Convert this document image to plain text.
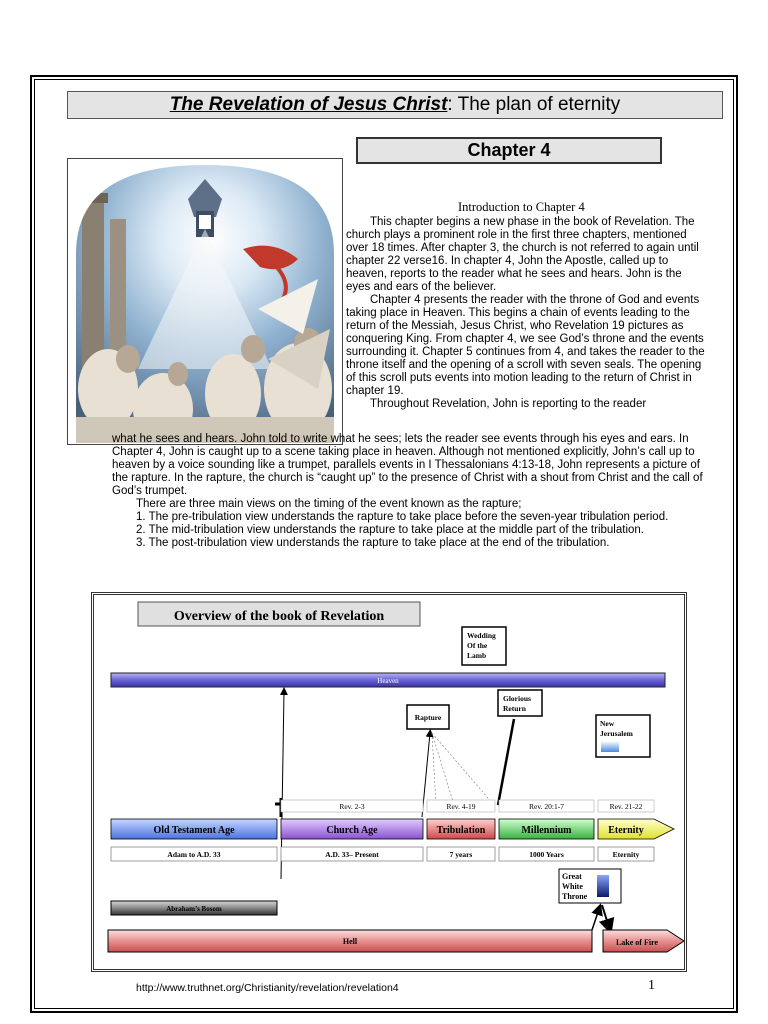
The Revelation of Jesus Christ: The plan of eternity
Chapter 4
Introduction to Chapter 4

This chapter begins a new phase in the book of Revelation. The church plays a prominent role in the first three chapters, mentioned over 18 times. After chapter 3, the church is not referred to again until chapter 22 verse16. In chapter 4, John the Apostle, called up to heaven, reports to the reader what he sees and hears. John is the eyes and ears of the believer.

Chapter 4 presents the reader with the throne of God and events taking place in Heaven. This begins a chain of events leading to the return of the Messiah, Jesus Christ, who Revelation 19 pictures as conquering King. From chapter 4, we see God’s throne and the events surrounding it. Chapter 5 continues from 4, and takes the reader to the throne itself and the opening of a scroll with seven seals. The opening of this scroll puts events into motion leading to the return of Christ in chapter 19.

Throughout Revelation, John is reporting to the reader

what he sees and hears. John told to write what he sees; lets the reader see events through his eyes and ears. In Chapter 4, John is caught up to a scene taking place in heaven. Although not mentioned explicitly, John’s call up to heaven by a voice sounding like a trumpet, parallels events in I Thessalonians 4:13-18, John represents a picture of the rapture. In the rapture, the church is “caught up” to the presence of Christ with a shout from Christ and the call of God’s trumpet.

There are three main views on the timing of the event known as the rapture;

1. The pre-tribulation view understands the rapture to take place before the seven-year tribulation period.

2. The mid-tribulation view understands the rapture to take place at the middle part of the tribulation.

3. The post-tribulation view understands the rapture to take place at the end of the tribulation.

Overview of the book of Revelation
Wedding
Of the
Lamb
Heaven
Rapture
Glorious
Return
New
Jerusalem
Rev. 2-3	Rev. 4-19	Rev. 20:1-7	Rev. 21-22
Old Testament Age	Church Age	Tribulation	Millennium	Eternity
Adam to A.D. 33	A.D. 33– Present	7 years	1000 Years	Eternity
Great
White
Throne
Abraham’s Bosom
Hell	Lake of Fire
http://www.truthnet.org/Christianity/revelation/revelation4	1
